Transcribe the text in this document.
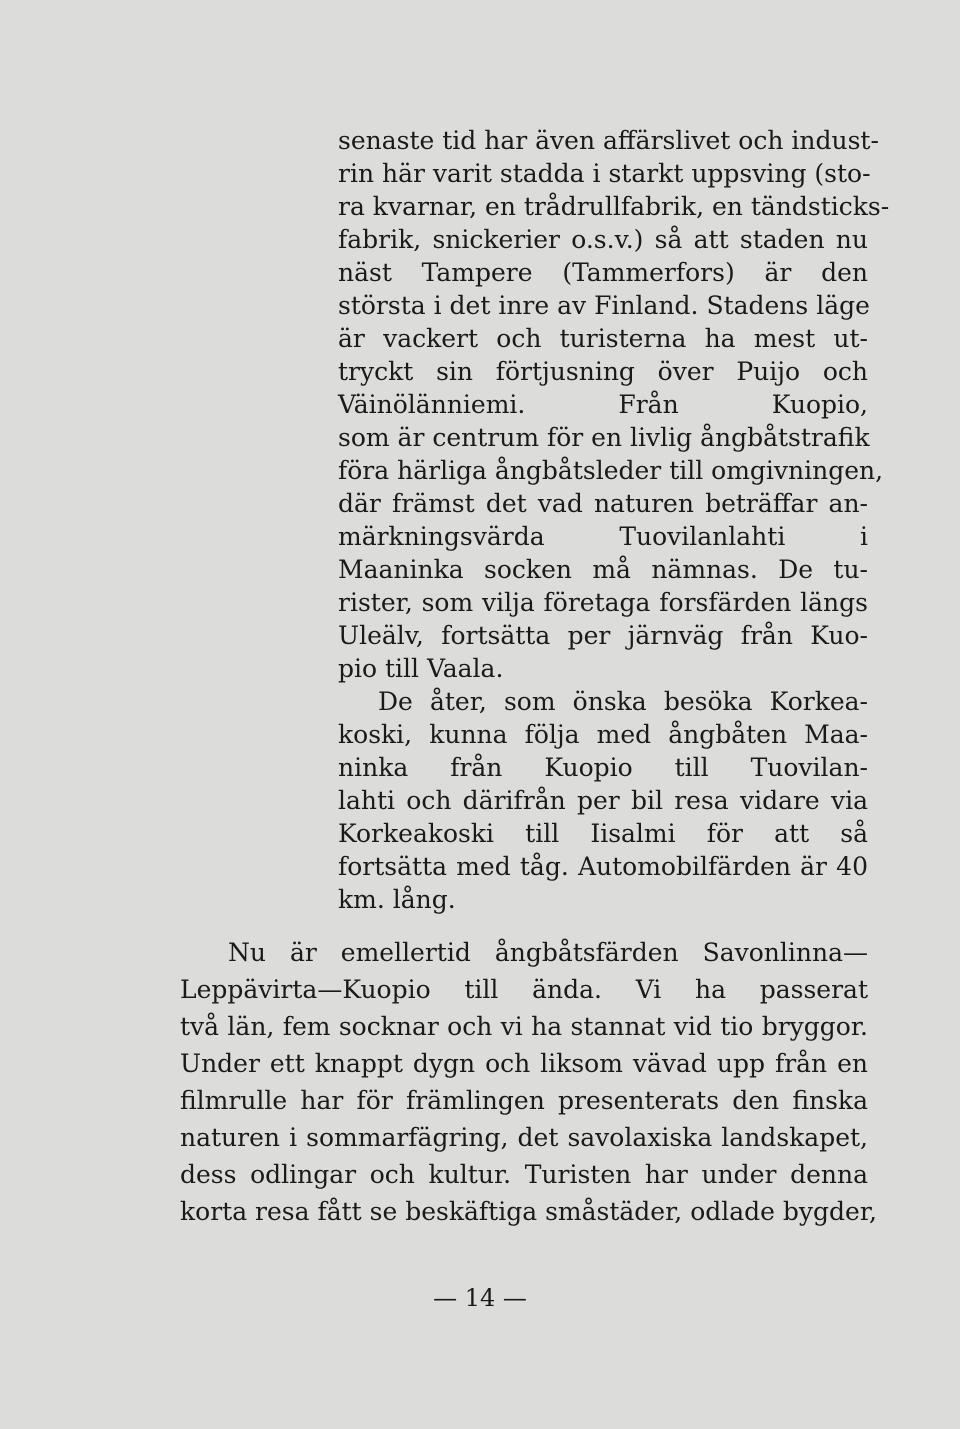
senaste tid har även affärslivet och indust-

rin här varit stadda i starkt uppsving (sto-

ra kvarnar, en trådrullfabrik, en tändsticks-

fabrik, snickerier o.s.v.) så att staden nu

näst Tampere (Tammerfors) är den

största i det inre av Finland. Stadens läge

är vackert och turisterna ha mest ut-

tryckt sin förtjusning över Puijo och

Väinölänniemi. Från Kuopio,

som är centrum för en livlig ångbåtstrafik

föra härliga ångbåtsleder till omgivningen,

där främst det vad naturen beträffar an-

märkningsvärda Tuovilanlahti i

Maaninka socken må nämnas. De tu-

rister, som vilja företaga forsfärden längs

Uleälv, fortsätta per järnväg från Kuo-

pio till Vaala.

De åter, som önska besöka Korkea-

koski, kunna följa med ångbåten Maa-

ninka från Kuopio till Tuovilan-

lahti och därifrån per bil resa vidare via

Korkeakoski till Iisalmi för att så

fortsätta med tåg. Automobilfärden är 40

km. lång.

Nu är emellertid ångbåtsfärden Savonlinna—

Leppävirta—Kuopio till ända. Vi ha passerat

två län, fem socknar och vi ha stannat vid tio bryggor.

Under ett knappt dygn och liksom vävad upp från en

filmrulle har för främlingen presenterats den finska

naturen i sommarfägring, det savolaxiska landskapet,

dess odlingar och kultur. Turisten har under denna

korta resa fått se beskäftiga småstäder, odlade bygder,

— 14 —
